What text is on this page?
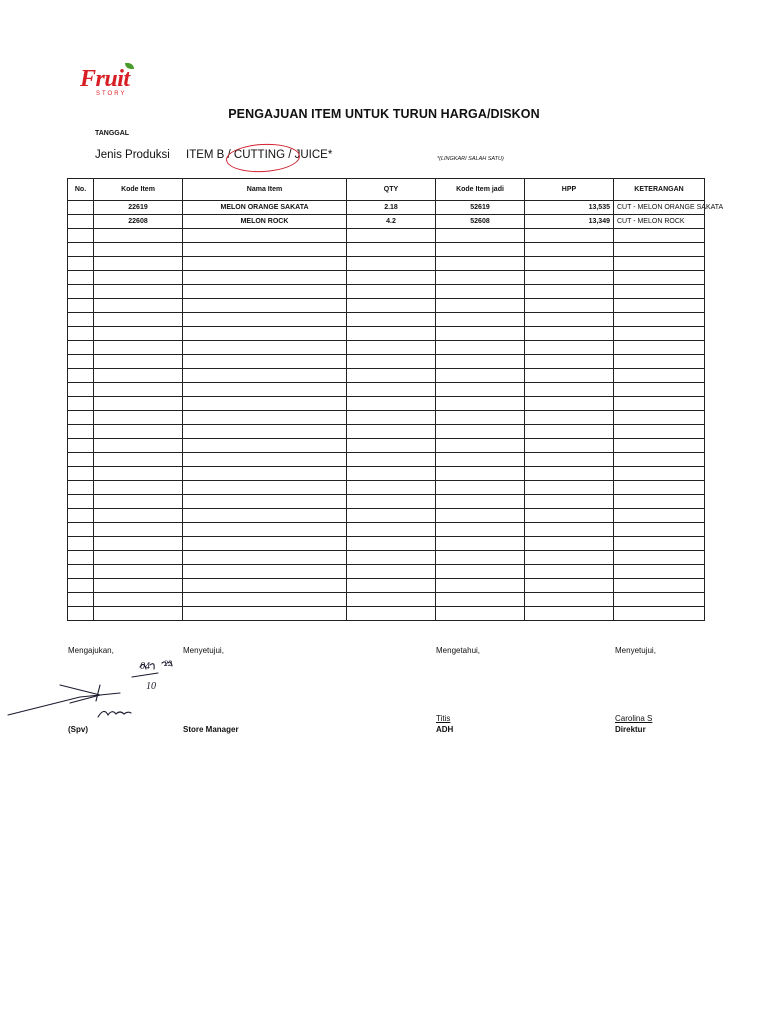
Fruit
STORY
PENGAJUAN ITEM UNTUK TURUN HARGA/DISKON
TANGGAL
Jenis Produksi ITEM B / CUTTING / JUICE*	*(LINGKARI SALAH SATU)
No.	Kode Item	Nama Item	QTY	Kode Item jadi	HPP	KETERANGAN
	22619	MELON ORANGE SAKATA	2.18	52619	13,535	CUT - MELON ORANGE SAKATA
	22608	MELON ROCK	4.2	52608	13,349	CUT - MELON ROCK

Mengajukan,	Menyetujui,	Mengetahui,	Menyetujui,
04
10
22
Titis	Carolina S
(Spv)	Store Manager	ADH	Direktur
